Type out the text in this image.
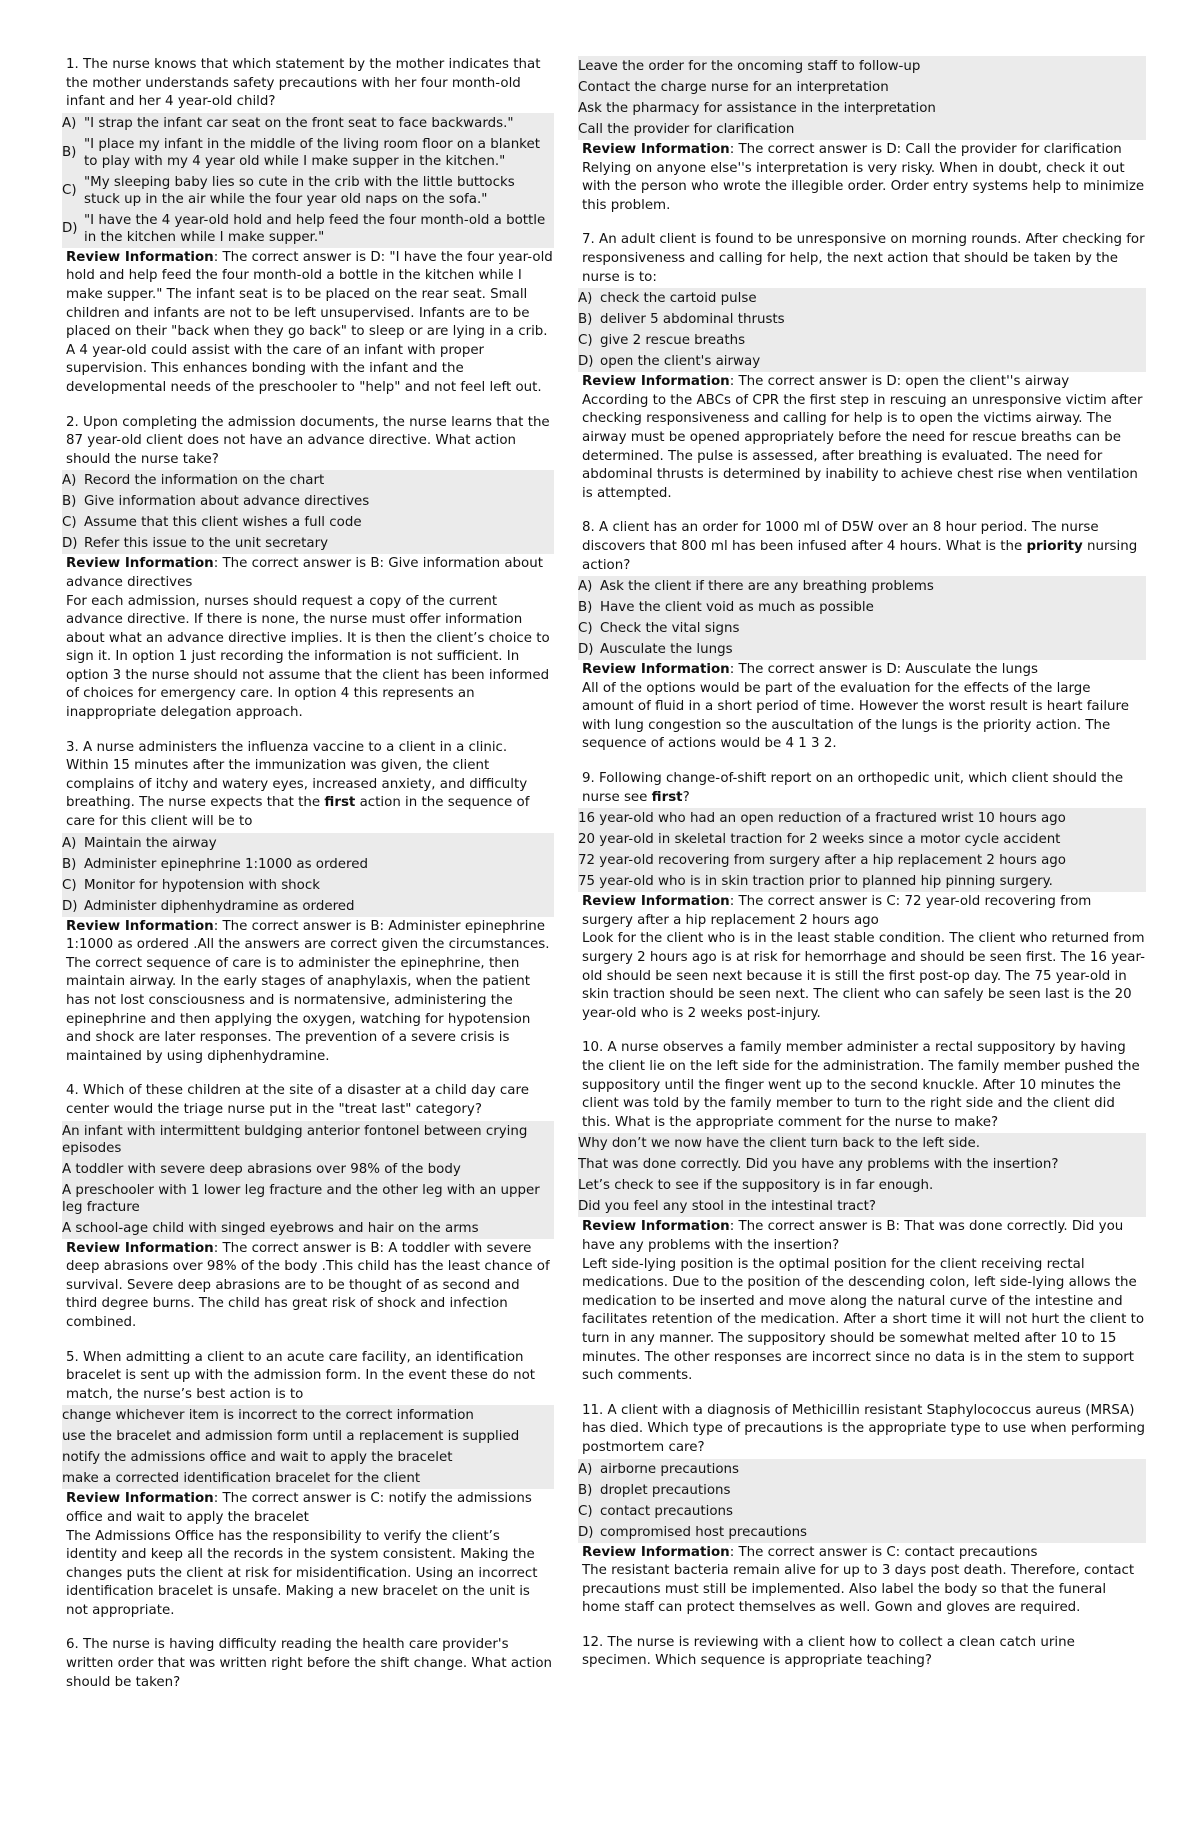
1. The nurse knows that which statement by the mother indicates that the mother understands safety precautions with her four month-old infant and her 4 year-old child?
A) "I strap the infant car seat on the front seat to face backwards."
B)
"I place my infant in the middle of the living room floor on a blanket to play with my 4 year old while I make supper in the kitchen."
C)
"My sleeping baby lies so cute in the crib with the little buttocks stuck up in the air while the four year old naps on the sofa."
D)
"I have the 4 year-old hold and help feed the four month-old a bottle in the kitchen while I make supper."
Review Information: The correct answer is D: "I have the four year-old hold and help feed the four month-old a bottle in the kitchen while I make supper." The infant seat is to be placed on the rear seat. Small children and infants are not to be left unsupervised. Infants are to be placed on their "back when they go back" to sleep or are lying in a crib. A 4 year-old could assist with the care of an infant with proper supervision. This enhances bonding with the infant and the developmental needs of the preschooler to "help" and not feel left out.
2. Upon completing the admission documents, the nurse learns that the 87 year-old client does not have an advance directive. What action should the nurse take?
A) Record the information on the chart
B) Give information about advance directives
C) Assume that this client wishes a full code
D) Refer this issue to the unit secretary
Review Information: The correct answer is B: Give information about advance directives
For each admission, nurses should request a copy of the current advance directive. If there is none, the nurse must offer information about what an advance directive implies. It is then the client’s choice to sign it. In option 1 just recording the information is not sufficient. In option 3 the nurse should not assume that the client has been informed of choices for emergency care. In option 4 this represents an inappropriate delegation approach.
3. A nurse administers the influenza vaccine to a client in a clinic. Within 15 minutes after the immunization was given, the client complains of itchy and watery eyes, increased anxiety, and difficulty breathing. The nurse expects that the first action in the sequence of care for this client will be to
A) Maintain the airway
B) Administer epinephrine 1:1000 as ordered
C) Monitor for hypotension with shock
D) Administer diphenhydramine as ordered
Review Information: The correct answer is B: Administer epinephrine 1:1000 as ordered .All the answers are correct given the circumstances. The correct sequence of care is to administer the epinephrine, then maintain airway. In the early stages of anaphylaxis, when the patient has not lost consciousness and is normatensive, administering the epinephrine and then applying the oxygen, watching for hypotension and shock are later responses. The prevention of a severe crisis is maintained by using diphenhydramine.
4. Which of these children at the site of a disaster at a child day care center would the triage nurse put in the "treat last" category?
An infant with intermittent buldging anterior fontonel between crying episodes
A toddler with severe deep abrasions over 98% of the body
A preschooler with 1 lower leg fracture and the other leg with an upper leg fracture
A school-age child with singed eyebrows and hair on the arms
Review Information: The correct answer is B: A toddler with severe deep abrasions over 98% of the body .This child has the least chance of survival. Severe deep abrasions are to be thought of as second and third degree burns. The child has great risk of shock and infection combined.
5. When admitting a client to an acute care facility, an identification bracelet is sent up with the admission form. In the event these do not match, the nurse’s best action is to
change whichever item is incorrect to the correct information
use the bracelet and admission form until a replacement is supplied
notify the admissions office and wait to apply the bracelet
make a corrected identification bracelet for the client
Review Information: The correct answer is C: notify the admissions office and wait to apply the bracelet
The Admissions Office has the responsibility to verify the client’s identity and keep all the records in the system consistent. Making the changes puts the client at risk for misidentification. Using an incorrect identification bracelet is unsafe. Making a new bracelet on the unit is not appropriate.
6. The nurse is having difficulty reading the health care provider's written order that was written right before the shift change. What action should be taken?
Leave the order for the oncoming staff to follow-up
Contact the charge nurse for an interpretation
Ask the pharmacy for assistance in the interpretation
Call the provider for clarification
Review Information: The correct answer is D: Call the provider for clarification
Relying on anyone else''s interpretation is very risky. When in doubt, check it out with the person who wrote the illegible order. Order entry systems help to minimize this problem.
7. An adult client is found to be unresponsive on morning rounds. After checking for responsiveness and calling for help, the next action that should be taken by the nurse is to:
A) check the cartoid pulse
B) deliver 5 abdominal thrusts
C) give 2 rescue breaths
D) open the client's airway
Review Information: The correct answer is D: open the client''s airway
According to the ABCs of CPR the first step in rescuing an unresponsive victim after checking responsiveness and calling for help is to open the victims airway. The airway must be opened appropriately before the need for rescue breaths can be determined. The pulse is assessed, after breathing is evaluated. The need for abdominal thrusts is determined by inability to achieve chest rise when ventilation is attempted.
8. A client has an order for 1000 ml of D5W over an 8 hour period. The nurse discovers that 800 ml has been infused after 4 hours. What is the priority nursing action?
A) Ask the client if there are any breathing problems
B) Have the client void as much as possible
C) Check the vital signs
D) Ausculate the lungs
Review Information: The correct answer is D: Ausculate the lungs
All of the options would be part of the evaluation for the effects of the large amount of fluid in a short period of time. However the worst result is heart failure with lung congestion so the auscultation of the lungs is the priority action. The sequence of actions would be 4 1 3 2.
9. Following change-of-shift report on an orthopedic unit, which client should the nurse see first?
16 year-old who had an open reduction of a fractured wrist 10 hours ago
20 year-old in skeletal traction for 2 weeks since a motor cycle accident
72 year-old recovering from surgery after a hip replacement 2 hours ago
75 year-old who is in skin traction prior to planned hip pinning surgery.
Review Information: The correct answer is C: 72 year-old recovering from surgery after a hip replacement 2 hours ago
Look for the client who is in the least stable condition. The client who returned from surgery 2 hours ago is at risk for hemorrhage and should be seen first. The 16 year-old should be seen next because it is still the first post-op day. The 75 year-old in skin traction should be seen next. The client who can safely be seen last is the 20 year-old who is 2 weeks post-injury.
10. A nurse observes a family member administer a rectal suppository by having the client lie on the left side for the administration. The family member pushed the suppository until the finger went up to the second knuckle. After 10 minutes the client was told by the family member to turn to the right side and the client did this. What is the appropriate comment for the nurse to make?
Why don’t we now have the client turn back to the left side.
That was done correctly. Did you have any problems with the insertion?
Let’s check to see if the suppository is in far enough.
Did you feel any stool in the intestinal tract?
Review Information: The correct answer is B: That was done correctly. Did you have any problems with the insertion?
Left side-lying position is the optimal position for the client receiving rectal medications. Due to the position of the descending colon, left side-lying allows the medication to be inserted and move along the natural curve of the intestine and facilitates retention of the medication. After a short time it will not hurt the client to turn in any manner. The suppository should be somewhat melted after 10 to 15 minutes. The other responses are incorrect since no data is in the stem to support such comments.
11. A client with a diagnosis of Methicillin resistant Staphylococcus aureus (MRSA) has died. Which type of precautions is the appropriate type to use when performing postmortem care?
A) airborne precautions
B) droplet precautions
C) contact precautions
D) compromised host precautions
Review Information: The correct answer is C: contact precautions
The resistant bacteria remain alive for up to 3 days post death. Therefore, contact precautions must still be implemented. Also label the body so that the funeral home staff can protect themselves as well. Gown and gloves are required.
12. The nurse is reviewing with a client how to collect a clean catch urine specimen. Which sequence is appropriate teaching?
